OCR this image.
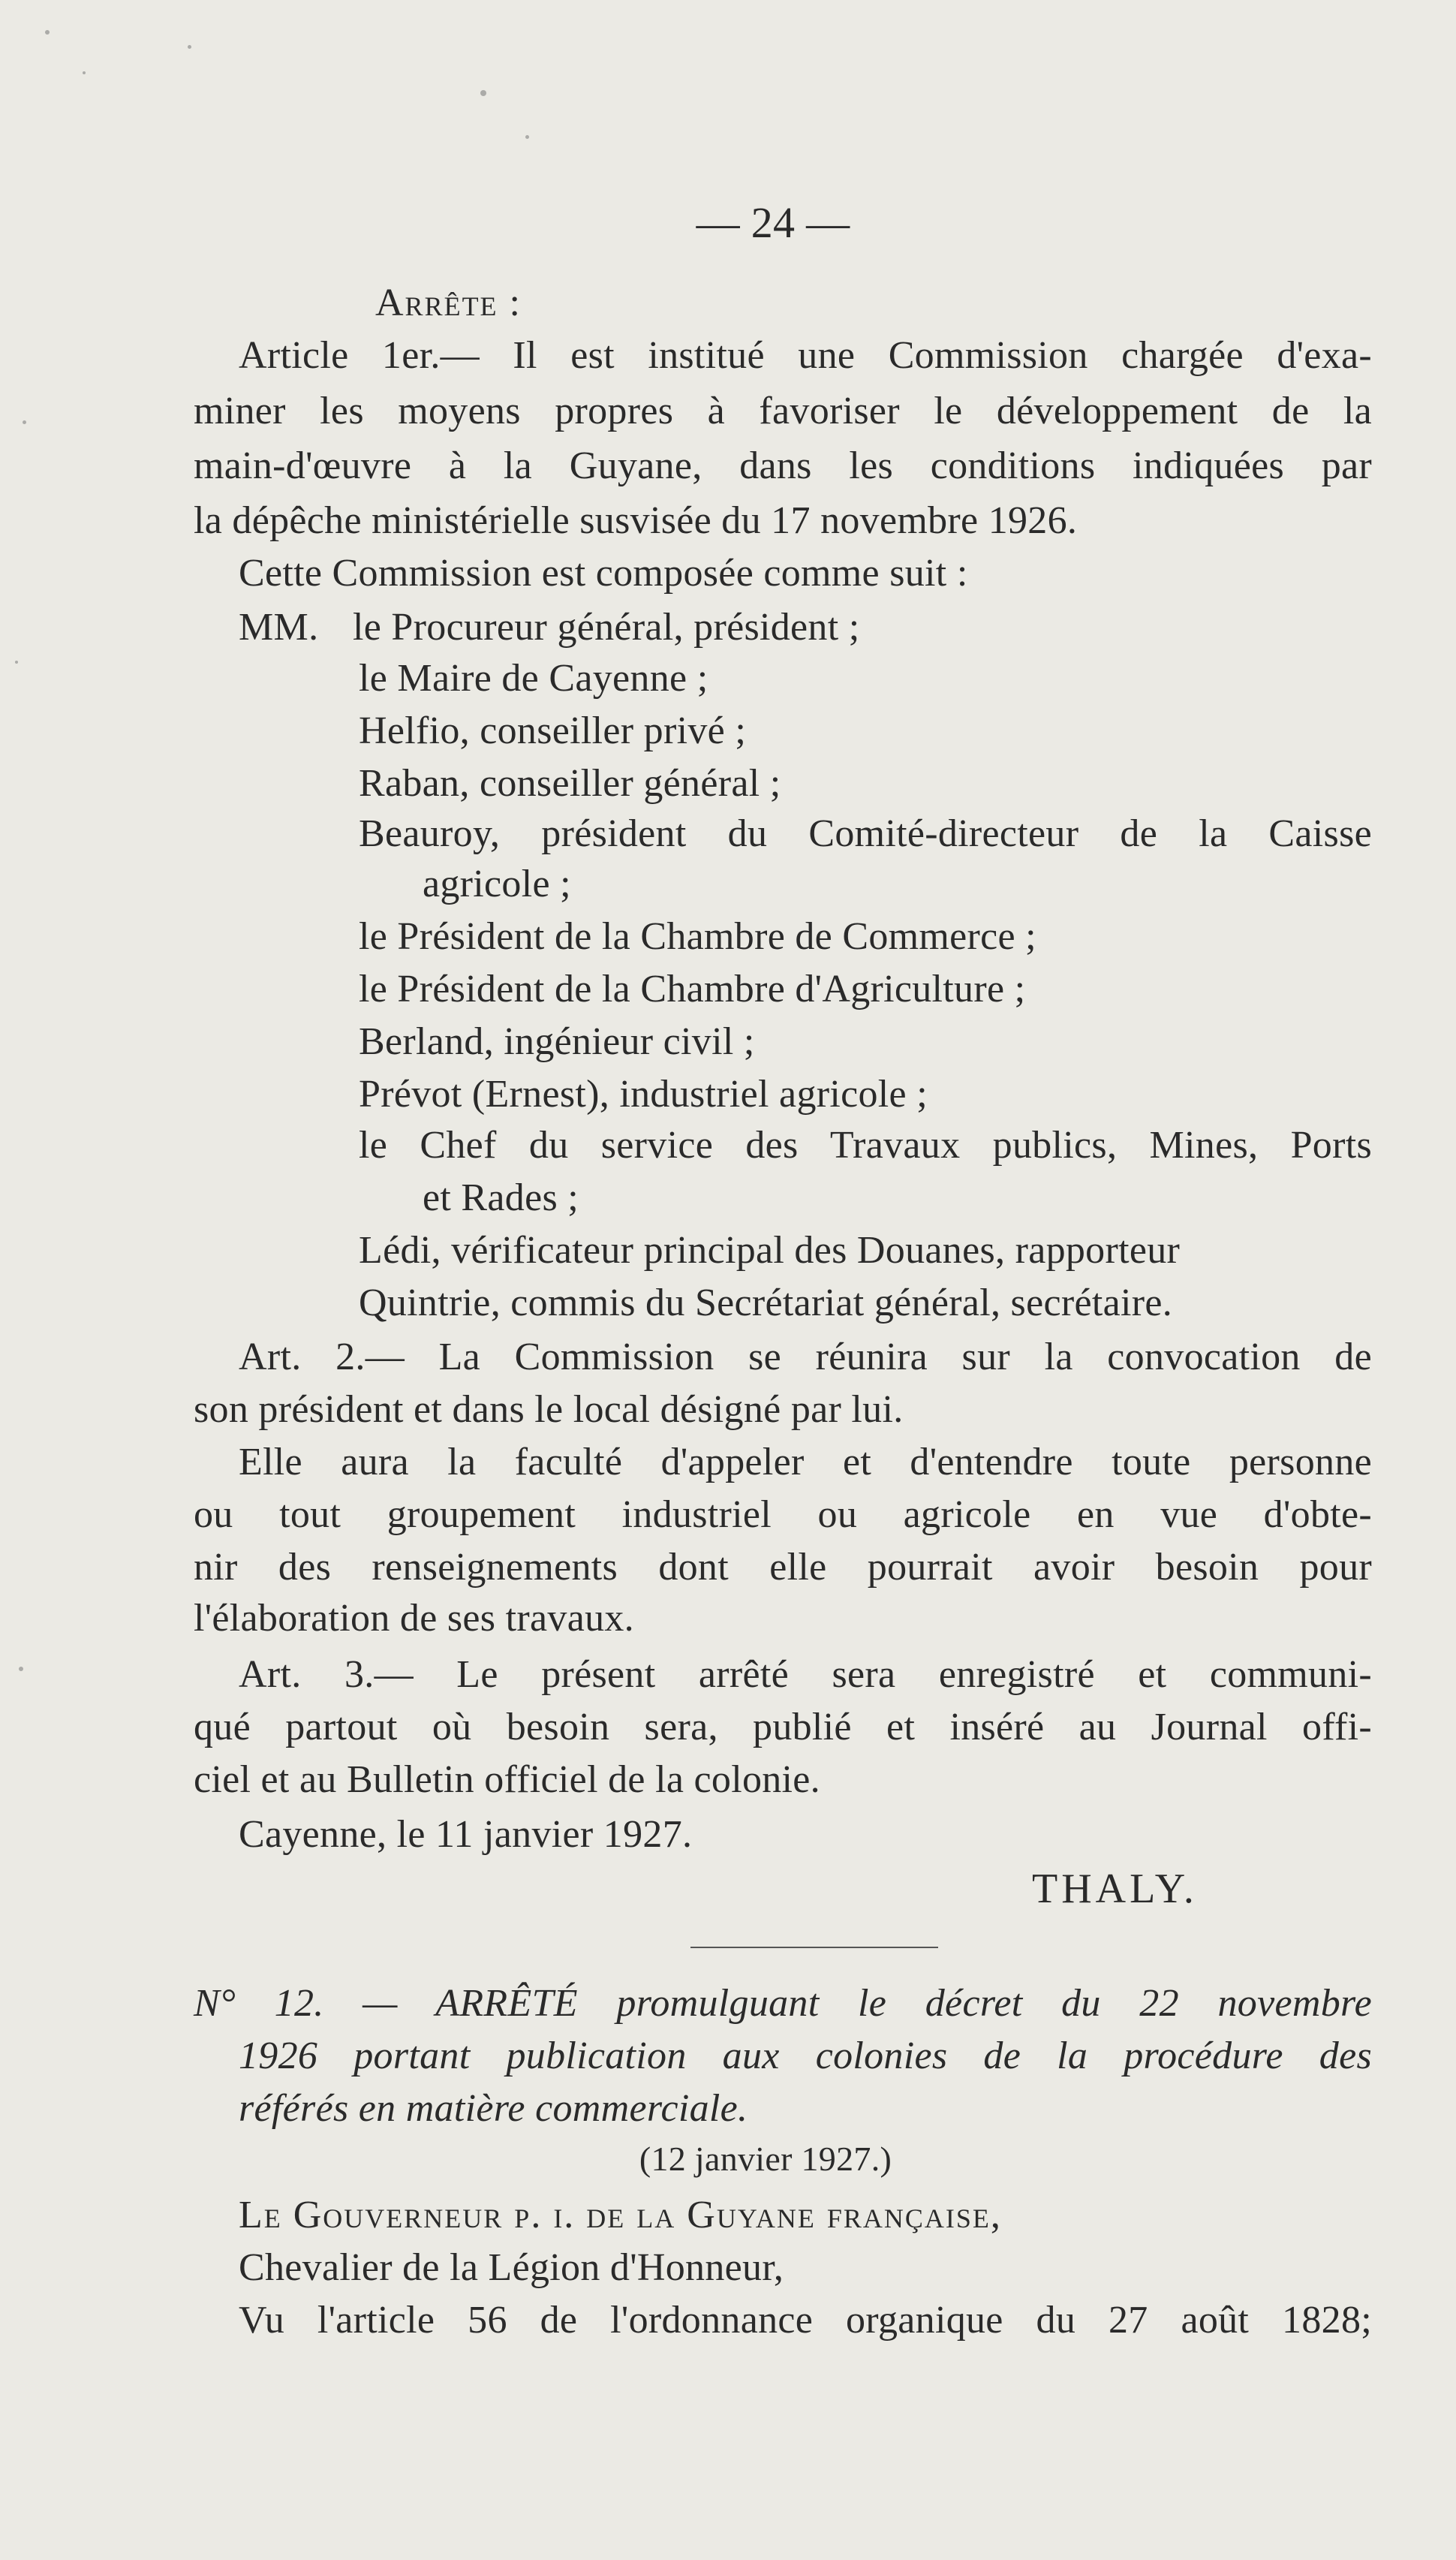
— 24 —
Arrête :
Article 1er.— Il est institué une Commission chargée d'exa-
miner les moyens propres à favoriser le développement de la
main-d'œuvre à la Guyane, dans les conditions indiquées par
la dépêche ministérielle susvisée du 17 novembre 1926.
Cette Commission est composée comme suit :
MM. le Procureur général, président ;
le Maire de Cayenne ;
Helfio, conseiller privé ;
Raban, conseiller général ;
Beauroy, président du Comité-directeur de la Caisse
agricole ;
le Président de la Chambre de Commerce ;
le Président de la Chambre d'Agriculture ;
Berland, ingénieur civil ;
Prévot (Ernest), industriel agricole ;
le Chef du service des Travaux publics, Mines, Ports
et Rades ;
Lédi, vérificateur principal des Douanes, rapporteur
Quintrie, commis du Secrétariat général, secrétaire.
Art. 2.— La Commission se réunira sur la convocation de
son président et dans le local désigné par lui.
Elle aura la faculté d'appeler et d'entendre toute personne
ou tout groupement industriel ou agricole en vue d'obte-
nir des renseignements dont elle pourrait avoir besoin pour
l'élaboration de ses travaux.
Art. 3.— Le présent arrêté sera enregistré et communi-
qué partout où besoin sera, publié et inséré au Journal offi-
ciel et au Bulletin officiel de la colonie.
Cayenne, le 11 janvier 1927.
THALY.
N° 12. — ARRÊTÉ promulguant le décret du 22 novembre
1926 portant publication aux colonies de la procédure des
référés en matière commerciale.
(12 janvier 1927.)
Le Gouverneur p. i. de la Guyane française,
Chevalier de la Légion d'Honneur,
Vu l'article 56 de l'ordonnance organique du 27 août 1828;
